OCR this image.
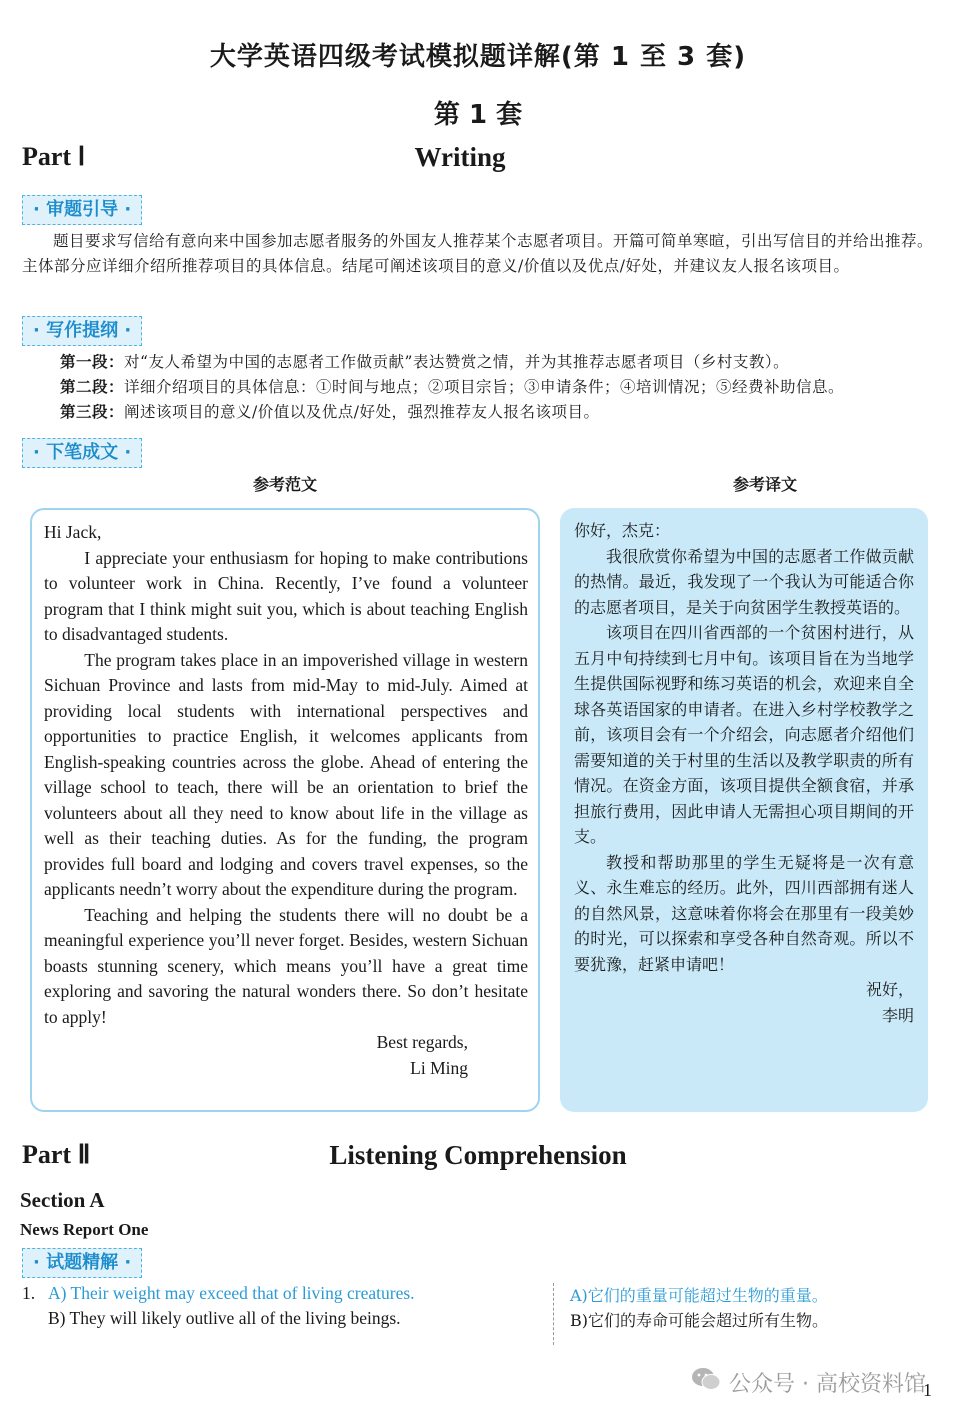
大学英语四级考试模拟题详解(第 1 至 3 套)
第 1 套
Part Ⅰ	Writing
· 审题引导 ·
题目要求写信给有意向来中国参加志愿者服务的外国友人推荐某个志愿者项目。开篇可简单寒暄，引出写信目的并给出推荐。主体部分应详细介绍所推荐项目的具体信息。结尾可阐述该项目的意义/价值以及优点/好处，并建议友人报名该项目。
· 写作提纲 ·
第一段：对“友人希望为中国的志愿者工作做贡献”表达赞赏之情，并为其推荐志愿者项目（乡村支教）。
第二段：详细介绍项目的具体信息：①时间与地点；②项目宗旨；③申请条件；④培训情况；⑤经费补助信息。
第三段：阐述该项目的意义/价值以及优点/好处，强烈推荐友人报名该项目。
· 下笔成文 ·
参考范文	参考译文

Hi Jack,

I appreciate your enthusiasm for hoping to make contributions to volunteer work in China. Recently, I’ve found a volunteer program that I think might suit you, which is about teaching English to disadvantaged students.

The program takes place in an impoverished village in western Sichuan Province and lasts from mid-May to mid-July. Aimed at providing local students with international perspectives and opportunities to practice English, it welcomes applicants from English-speaking countries across the globe. Ahead of entering the village school to teach, there will be an orientation to brief the volunteers about all they need to know about life in the village as well as their teaching duties. As for the funding, the program provides full board and lodging and covers travel expenses, so the applicants needn’t worry about the expenditure during the program.

Teaching and helping the students there will no doubt be a meaningful experience you’ll never forget. Besides, western Sichuan boasts stunning scenery, which means you’ll have a great time exploring and savoring the natural wonders there. So don’t hesitate to apply!

Best regards,

Li Ming

你好，杰克：

我很欣赏你希望为中国的志愿者工作做贡献的热情。最近，我发现了一个我认为可能适合你的志愿者项目，是关于向贫困学生教授英语的。

该项目在四川省西部的一个贫困村进行，从五月中旬持续到七月中旬。该项目旨在为当地学生提供国际视野和练习英语的机会，欢迎来自全球各英语国家的申请者。在进入乡村学校教学之前，该项目会有一个介绍会，向志愿者介绍他们需要知道的关于村里的生活以及教学职责的所有情况。在资金方面，该项目提供全额食宿，并承担旅行费用，因此申请人无需担心项目期间的开支。

教授和帮助那里的学生无疑将是一次有意义、永生难忘的经历。此外，四川西部拥有迷人的自然风景，这意味着你将会在那里有一段美妙的时光，可以探索和享受各种自然奇观。所以不要犹豫，赶紧申请吧！

祝好，

李明

Part Ⅱ	Listening Comprehension
Section A
News Report One
· 试题精解 ·
1. A) Their weight may exceed that of living creatures.
B) They will likely outlive all of the living beings.
A)它们的重量可能超过生物的重量。
B)它们的寿命可能会超过所有生物。
公众号 · 高校资料馆
1
